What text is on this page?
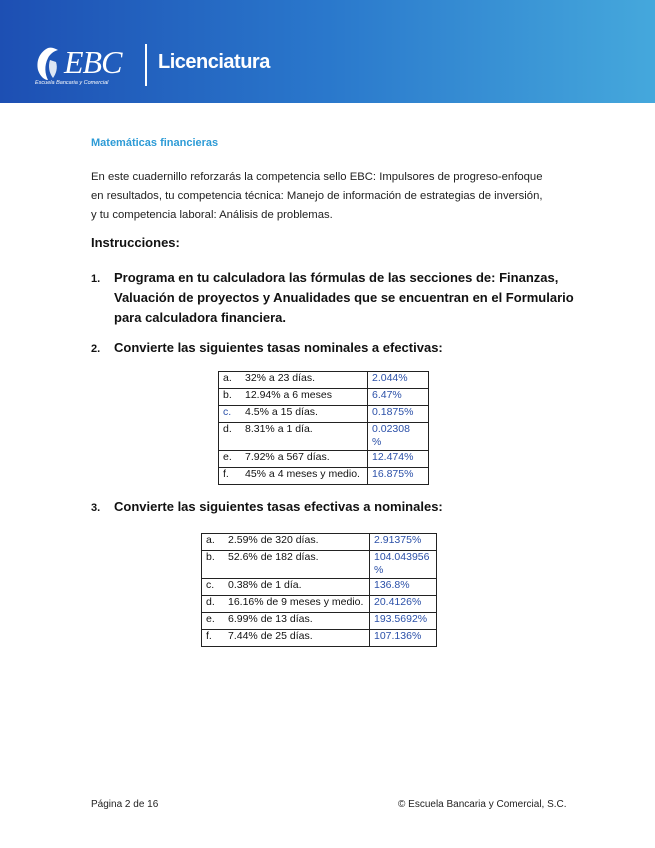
EBC
Escuela Bancaria y Comercial
Licenciatura
Matemáticas financieras
En este cuadernillo reforzarás la competencia sello EBC: Impulsores de progreso-enfoque
en resultados, tu competencia técnica: Manejo de información de estrategias de inversión,
y tu competencia laboral: Análisis de problemas.
Instrucciones:
1. Programa en tu calculadora las fórmulas de las secciones de: Finanzas,
Valuación de proyectos y Anualidades que se encuentran en el Formulario
para calculadora financiera.
2. Convierte las siguientes tasas nominales a efectivas:
a.	32% a 23 días.	2.044%
b.	12.94% a 6 meses	6.47%
c.	4.5% a 15 días.	0.1875%
d.	8.31% a 1 día.	0.02308
%
e.	7.92% a 567 días.	12.474%
f.	45% a 4 meses y medio.	16.875%
3. Convierte las siguientes tasas efectivas a nominales:
a.	2.59% de 320 días.	2.91375%
b.	52.6% de 182 días.	104.043956
%
c.	0.38% de 1 día.	136.8%
d.	16.16% de 9 meses y medio.	20.4126%
e.	6.99% de 13 días.	193.5692%
f.	7.44% de 25 días.	107.136%
Página 2 de 16	© Escuela Bancaria y Comercial, S.C.
